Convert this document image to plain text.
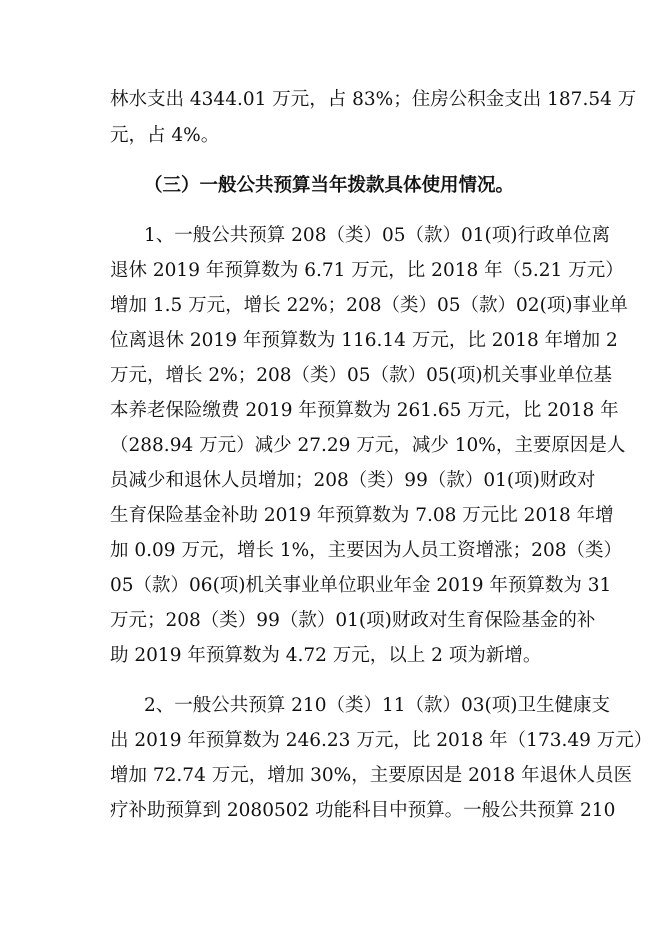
林水支出 4344.01 万元，占 83%；住房公积金支出 187.54 万
元，占 4%。
（三）一般公共预算当年拨款具体使用情况。
1、一般公共预算 208（类）05（款）01(项)行政单位离
退休 2019 年预算数为 6.71 万元，比 2018 年（5.21 万元）
增加 1.5 万元，增长 22%；208（类）05（款）02(项)事业单
位离退休 2019 年预算数为 116.14 万元，比 2018 年增加 2
万元，增长 2%；208（类）05（款）05(项)机关事业单位基
本养老保险缴费 2019 年预算数为 261.65 万元，比 2018 年
（288.94 万元）减少 27.29 万元，减少 10%，主要原因是人
员减少和退休人员增加；208（类）99（款）01(项)财政对
生育保险基金补助 2019 年预算数为 7.08 万元比 2018 年增
加 0.09 万元，增长 1%，主要因为人员工资增涨；208（类）
05（款）06(项)机关事业单位职业年金 2019 年预算数为 31
万元；208（类）99（款）01(项)财政对生育保险基金的补
助 2019 年预算数为 4.72 万元，以上 2 项为新增。
2、一般公共预算 210（类）11（款）03(项)卫生健康支
出 2019 年预算数为 246.23 万元，比 2018 年（173.49 万元）
增加 72.74 万元，增加 30%，主要原因是 2018 年退休人员医
疗补助预算到 2080502 功能科目中预算。一般公共预算 210
